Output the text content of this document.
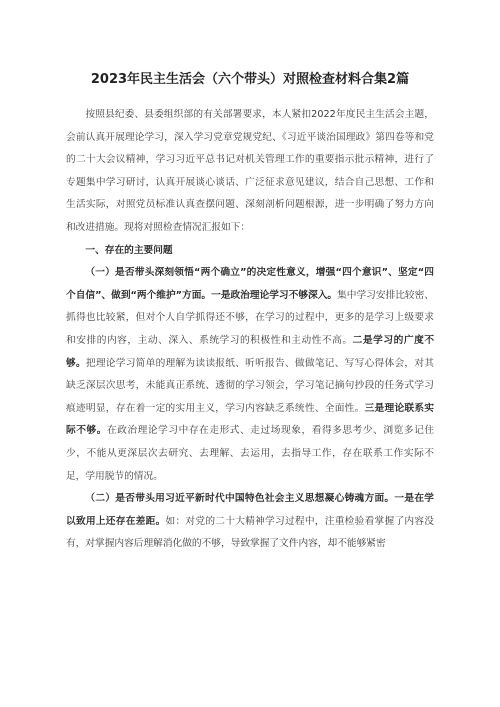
2023年民主生活会（六个带头）对照检查材料合集2篇

按照县纪委、县委组织部的有关部署要求，本人紧扣2022年度民主生活会主题，会前认真开展理论学习，深入学习党章党规党纪、《习近平谈治国理政》第四卷等和党的二十大会议精神，学习习近平总书记对机关管理工作的重要指示批示精神，进行了专题集中学习研讨，认真开展谈心谈话、广泛征求意见建议，结合自己思想、工作和生活实际，对照党员标准认真查摆问题、深刻剖析问题根源，进一步明确了努力方向和改进措施。现将对照检查情况汇报如下：

一、存在的主要问题

（一）是否带头深刻领悟“两个确立”的决定性意义，增强“四个意识”、坚定“四个自信”、做到“两个维护”方面。一是政治理论学习不够深入。集中学习安排比较密、抓得也比较紧，但对个人自学抓得还不够，在学习的过程中，更多的是学习上级要求和安排的内容，主动、深入、系统学习的积极性和主动性不高。二是学习的广度不够。把理论学习简单的理解为读读报纸、听听报告、做做笔记、写写心得体会，对其缺乏深层次思考，未能真正系统、透彻的学习领会，学习笔记摘句抄段的任务式学习痕迹明显，存在着一定的实用主义，学习内容缺乏系统性、全面性。三是理论联系实际不够。在政治理论学习中存在走形式、走过场现象，看得多思考少、浏览多记住少，不能从更深层次去研究、去理解、去运用，去指导工作，存在联系工作实际不足，学用脱节的情况。

（二）是否带头用习近平新时代中国特色社会主义思想凝心铸魂方面。一是在学以致用上还存在差距。如：对党的二十大精神学习过程中，注重检验看掌握了内容没有，对掌握内容后理解消化做的不够，导致掌握了文件内容，却不能够紧密
